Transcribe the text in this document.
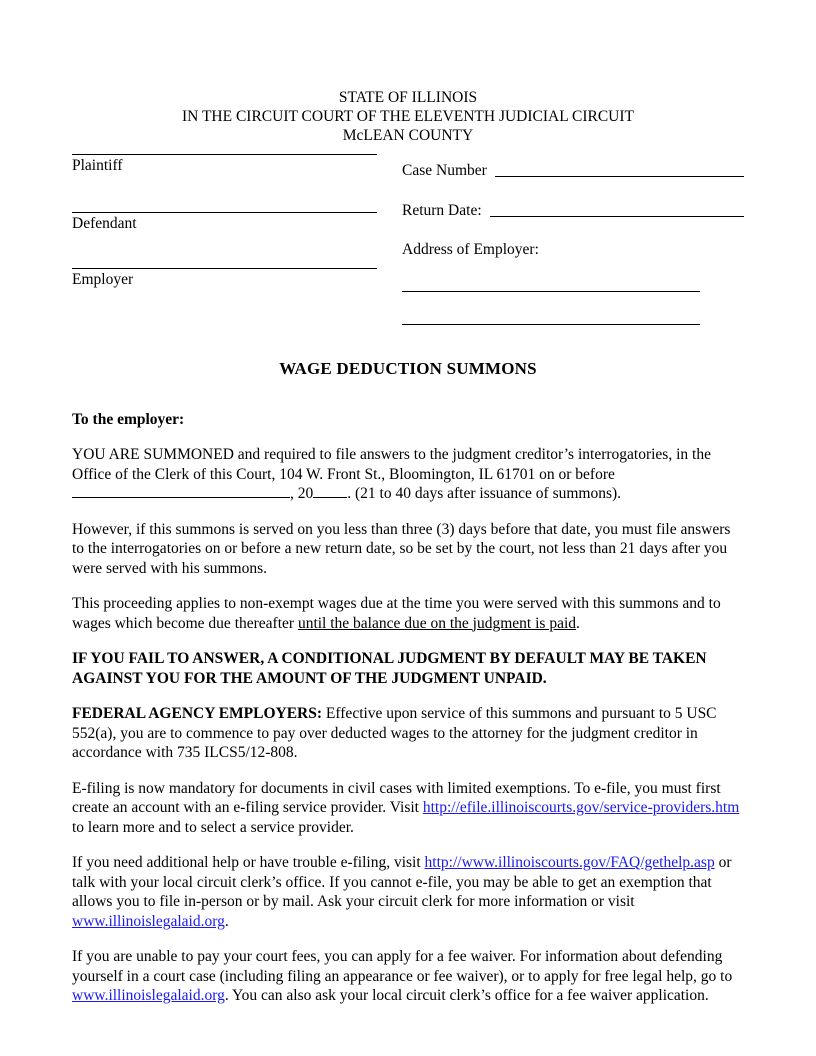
STATE OF ILLINOIS
IN THE CIRCUIT COURT OF THE ELEVENTH JUDICIAL CIRCUIT
McLEAN COUNTY
Plaintiff
Defendant
Employer
Case Number
Return Date:
Address of Employer:
WAGE DEDUCTION SUMMONS
To the employer:

YOU ARE SUMMONED and required to file answers to the judgment creditor’s interrogatories, in the Office of the Clerk of this Court, 104 W. Front St., Bloomington, IL 61701 on or before , 20 . (21 to 40 days after issuance of summons).

However, if this summons is served on you less than three (3) days before that date, you must file answers to the interrogatories on or before a new return date, so be set by the court, not less than 21 days after you were served with his summons.

This proceeding applies to non-exempt wages due at the time you were served with this summons and to wages which become due thereafter until the balance due on the judgment is paid.

IF YOU FAIL TO ANSWER, A CONDITIONAL JUDGMENT BY DEFAULT MAY BE TAKEN AGAINST YOU FOR THE AMOUNT OF THE JUDGMENT UNPAID.

FEDERAL AGENCY EMPLOYERS: Effective upon service of this summons and pursuant to 5 USC 552(a), you are to commence to pay over deducted wages to the attorney for the judgment creditor in accordance with 735 ILCS5/12-808.

E-filing is now mandatory for documents in civil cases with limited exemptions. To e-file, you must first create an account with an e-filing service provider. Visit http://efile.illinoiscourts.gov/service-providers.htm to learn more and to select a service provider.

If you need additional help or have trouble e-filing, visit http://www.illinoiscourts.gov/FAQ/gethelp.asp or talk with your local circuit clerk’s office. If you cannot e-file, you may be able to get an exemption that allows you to file in-person or by mail. Ask your circuit clerk for more information or visit www.illinoislegalaid.org.

If you are unable to pay your court fees, you can apply for a fee waiver. For information about defending yourself in a court case (including filing an appearance or fee waiver), or to apply for free legal help, go to www.illinoislegalaid.org. You can also ask your local circuit clerk’s office for a fee waiver application.
